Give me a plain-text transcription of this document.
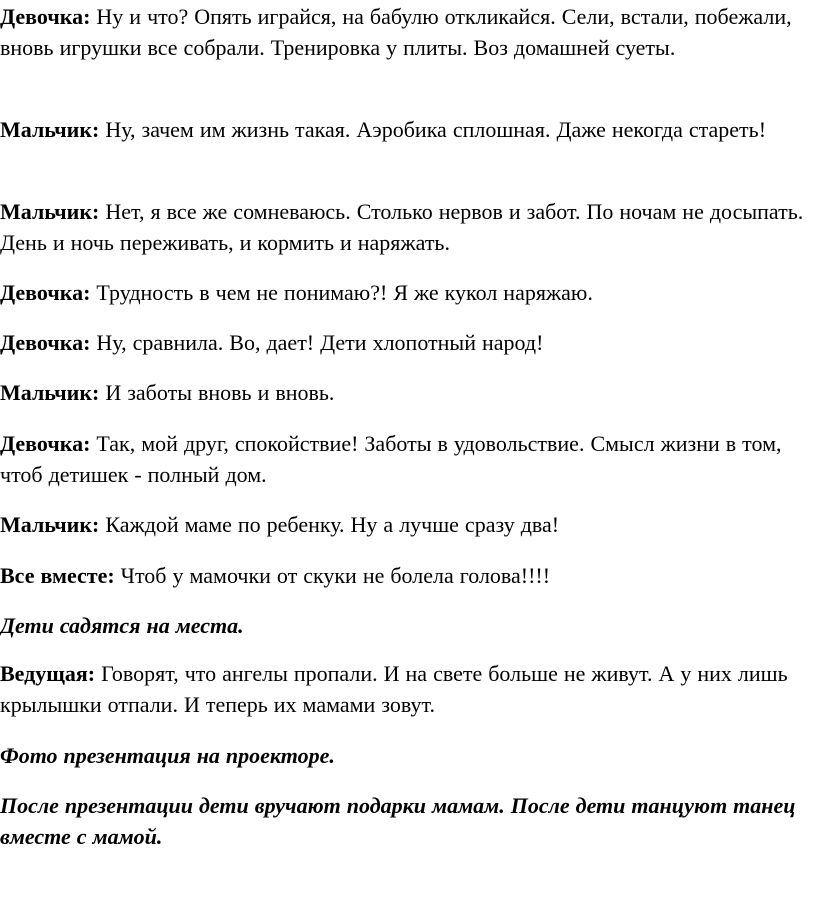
Девочка: Ну и что? Опять играйся, на бабулю откликайся. Сели, встали, побежали, вновь игрушки все собрали. Тренировка у плиты. Воз домашней суеты.

Мальчик: Ну, зачем им жизнь такая. Аэробика сплошная. Даже некогда стареть!

Мальчик: Нет, я все же сомневаюсь. Столько нервов и забот. По ночам не досыпать. День и ночь переживать, и кормить и наряжать.

Девочка: Трудность в чем не понимаю?! Я же кукол наряжаю.

Девочка: Ну, сравнила. Во, дает! Дети хлопотный народ!

Мальчик: И заботы вновь и вновь.

Девочка: Так, мой друг, спокойствие! Заботы в удовольствие. Смысл жизни в том, чтоб детишек - полный дом.

Мальчик: Каждой маме по ребенку. Ну а лучше сразу два!

Все вместе: Чтоб у мамочки от скуки не болела голова!!!!

Дети садятся на места.

Ведущая: Говорят, что ангелы пропали. И на свете больше не живут. А у них лишь крылышки отпали. И теперь их мамами зовут.

Фото презентация на проекторе.

После презентации дети вручают подарки мамам. После дети танцуют танец вместе с мамой.
